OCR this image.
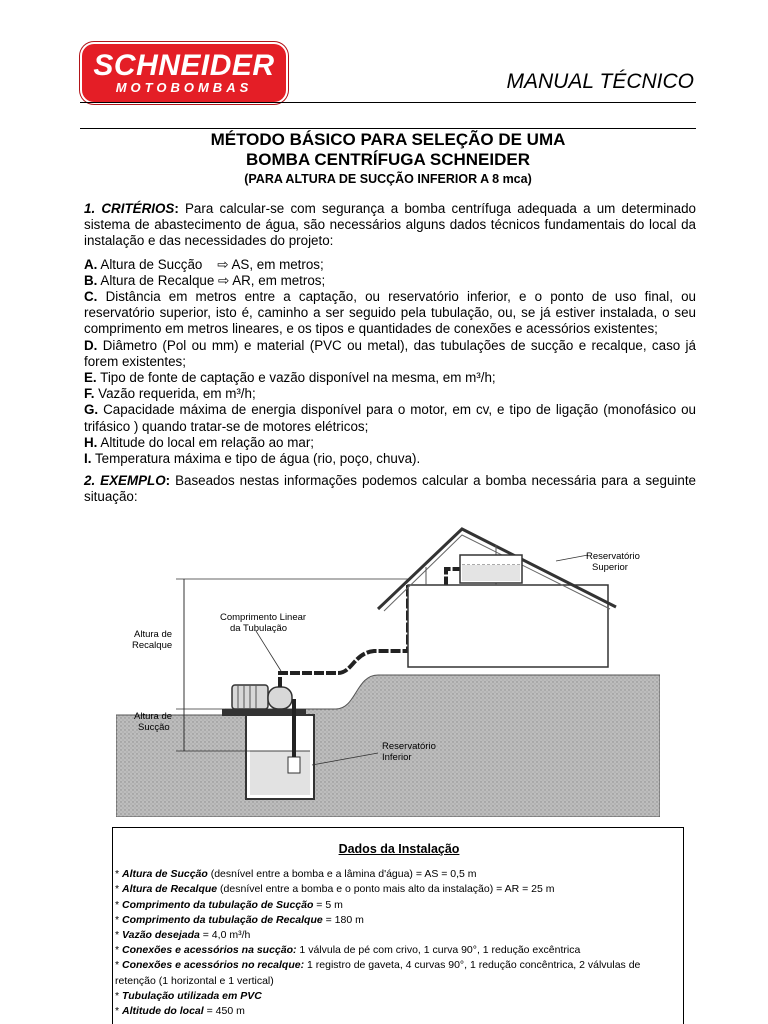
SCHNEIDER
MOTOBOMBAS	MANUAL TÉCNICO
MÉTODO BÁSICO PARA SELEÇÃO DE UMA
BOMBA CENTRÍFUGA SCHNEIDER
(PARA ALTURA DE SUCÇÃO INFERIOR A 8 mca)

1. CRITÉRIOS: Para calcular-se com segurança a bomba centrífuga adequada a um determinado sistema de abastecimento de água, são necessários alguns dados técnicos fundamentais do local da instalação e das necessidades do projeto:

A. Altura de Sucção    ⇨ AS, em metros;

B. Altura de Recalque ⇨ AR, em metros;

C. Distância em metros entre a captação, ou reservatório inferior, e o ponto de uso final, ou reservatório superior, isto é, caminho a ser seguido pela tubulação, ou, se já estiver instalada, o seu comprimento em metros lineares, e os tipos e quantidades de conexões e acessórios existentes;

D. Diâmetro (Pol ou mm) e material (PVC ou metal), das tubulações de sucção e recalque, caso já forem existentes;

E. Tipo de fonte de captação e vazão disponível na mesma, em m³/h;

F. Vazão requerida, em m³/h;

G. Capacidade máxima de energia disponível para o motor, em cv, e tipo de ligação (monofásico ou trifásico ) quando tratar-se de motores elétricos;

H. Altitude do local em relação ao mar;

I. Temperatura máxima e tipo de água (rio, poço, chuva).

2. EXEMPLO: Baseados nestas informações podemos calcular a bomba necessária para a seguinte situação:

Reservatório
Superior
Comprimento Linear
da Tubulação
Altura de
Recalque
Altura de
Sucção
Reservatório
Inferior
Dados da Instalação
* Altura de Sucção (desnível entre a bomba e a lâmina d'água) = AS = 0,5 m
* Altura de Recalque (desnível entre a bomba e o ponto mais alto da instalação) = AR = 25 m
* Comprimento da tubulação de Sucção = 5 m
* Comprimento da tubulação de Recalque = 180 m
* Vazão desejada = 4,0 m³/h
* Conexões e acessórios na sucção: 1 válvula de pé com crivo, 1 curva 90°, 1 redução excêntrica
* Conexões e acessórios no recalque: 1 registro de gaveta, 4 curvas 90°, 1 redução concêntrica, 2 válvulas de retenção (1 horizontal e 1 vertical)
* Tubulação utilizada em PVC
* Altitude do local = 450 m
